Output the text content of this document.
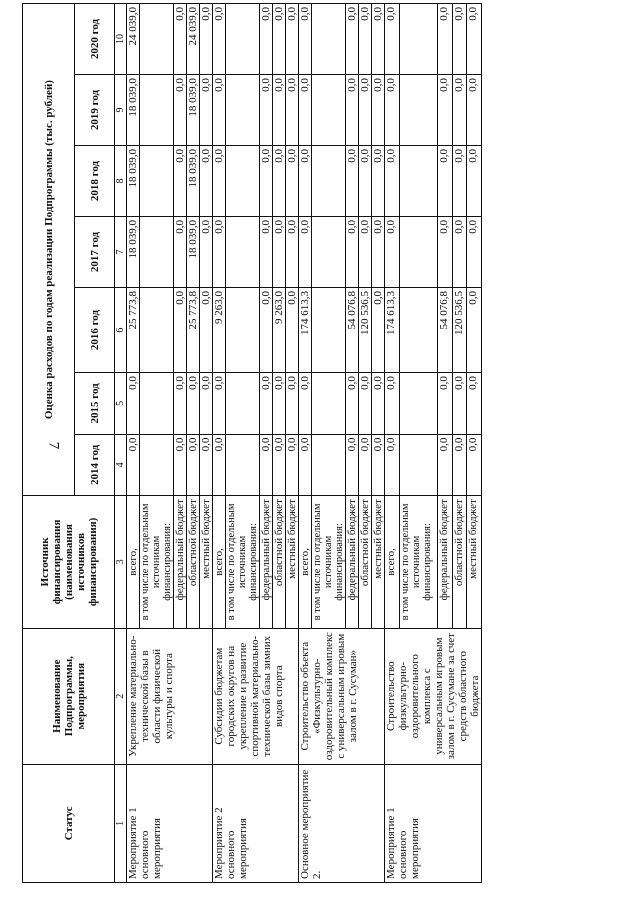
7
Статус	Наименование Подпрограммы, мероприятия	Источник финансирования (наименования источников финансирования)	Оценка расходов по годам реализации Подпрограммы (тыс. рублей)						
			2014 год	2015 год	2016 год	2017 год	2018 год	2019 год	2020 год
1	2	3	4	5	6	7	8	9	10
Мероприятие 1 основного мероприятия	Укрепление материально-технической базы в области физической культуры и спорта	всего,	0,0	0,0	25 773,8	18 039,0	18 039,0	18 039,0	24 039,0
		в том числе по отдельным источникам финансирования:							
		федеральный бюджет	0,0	0,0	0,0	0,0	0,0	0,0	0,0
		областной бюджет	0,0	0,0	25 773,8	18 039,0	18 039,0	18 039,0	24 039,0
		местный бюджет	0,0	0,0	0,0	0,0	0,0	0,0	0,0
Мероприятие 2 основного мероприятия	Субсидии бюджетам городских округов на укрепление и развитие спортивной материально-технической базы зимних видов спорта	всего,	0,0	0,0	9 263,0	0,0	0,0	0,0	0,0
		в том числе по отдельным источникам финансирования:							
		федеральный бюджет	0,0	0,0	0,0	0,0	0,0	0,0	0,0
		областной бюджет	0,0	0,0	9 263,0	0,0	0,0	0,0	0,0
		местный бюджет	0,0	0,0	0,0	0,0	0,0	0,0	0,0
Основное мероприятие 2.	Строительство объекта «Физкультурно-оздоровительный комплекс с универсальным игровым залом в г. Сусуман»	всего,	0,0	0,0	174 613,3	0,0	0,0	0,0	0,0
		в том числе по отдельным источникам финансирования:							
		федеральный бюджет	0,0	0,0	54 076,8	0,0	0,0	0,0	0,0
		областной бюджет	0,0	0,0	120 536,5	0,0	0,0	0,0	0,0
		местный бюджет	0,0	0,0	0,0	0,0	0,0	0,0	0,0
Мероприятие 1 основного мероприятия	Строительство физкультурно-оздоровительного комплекса с универсальным игровым залом в г. Сусумане за счет средств областного бюджета	всего,	0,0	0,0	174 613,3	0,0	0,0	0,0	0,0
		в том числе по отдельным источникам финансирования:							
		федеральный бюджет	0,0	0,0	54 076,8	0,0	0,0	0,0	0,0
		областной бюджет	0,0	0,0	120 536,5	0,0	0,0	0,0	0,0
		местный бюджет	0,0	0,0	0,0	0,0	0,0	0,0	0,0
